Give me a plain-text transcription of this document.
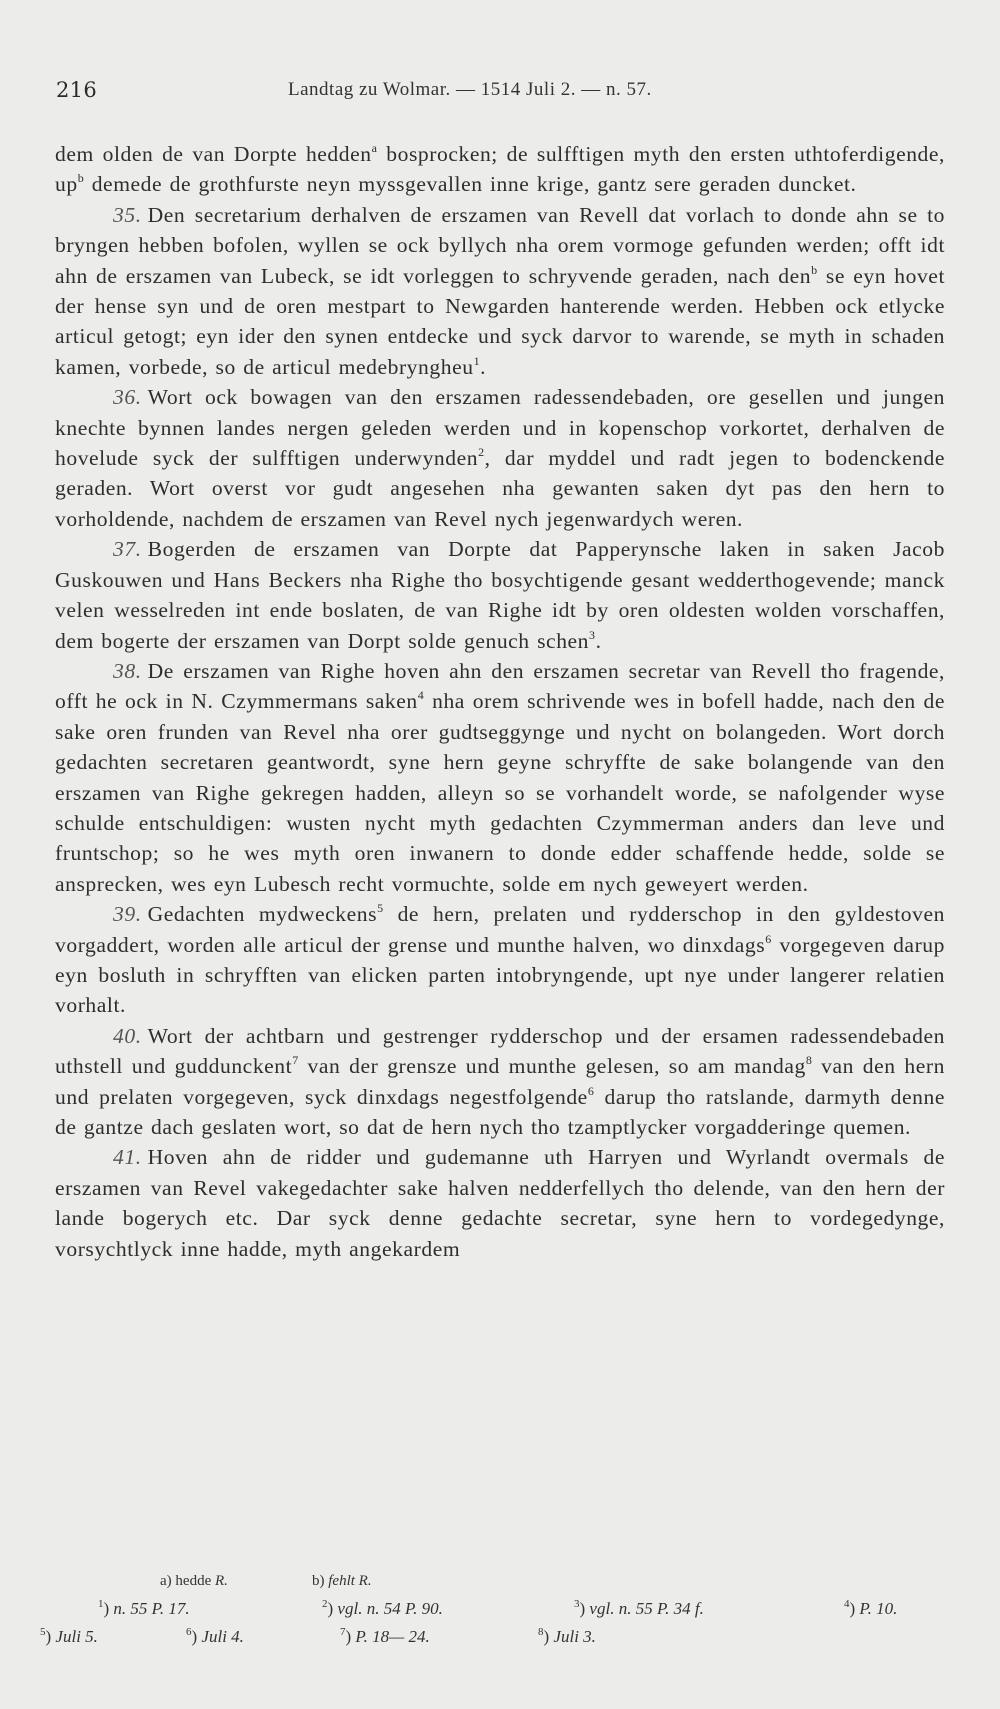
216	Landtag zu Wolmar. — 1514 Juli 2. — n. 57.

dem olden de van Dorpte hedden$^a$ bosprocken; de sulfftigen myth den ersten uthtoferdigende, $up^b$ demede de grothfurste neyn myssgevallen inne krige, gantz sere geraden duncket.

35. Den secretarium derhalven de erszamen van Revell dat vorlach to donde ahn se to bryngen hebben bofolen, wyllen se ock byllych nha orem vormoge gefunden werden; offt idt ahn de erszamen van Lubeck, se idt vorleggen to schryvende geraden, nach den$^b$ se eyn hovet der hense syn und de oren mestpart to Newgarden hanterende werden. Hebben ock etlycke articul getogt; eyn ider den synen entdecke und syck darvor to warende, se myth in schaden kamen, vorbede, so de articul medebryngheu$^1$.

36. Wort ock bowagen van den erszamen radessendebaden, ore gesellen und jungen knechte bynnen landes nergen geleden werden und in kopenschop vorkortet, derhalven de hovelude syck der sulfftigen underwynden$^2$, dar myddel und radt jegen to bodenckende geraden. Wort overst vor gudt angesehen nha gewanten saken dyt pas den hern to vorholdende, nachdem de erszamen van Revel nych jegenwardych weren.

37. Bogerden de erszamen van Dorpte dat Papperynsche laken in saken Jacob Guskouwen und Hans Beckers nha Righe tho bosychtigende gesant wedderthogevende; manck velen wesselreden int ende boslaten, de van Righe idt by oren oldesten wolden vorschaffen, dem bogerte der erszamen van Dorpt solde genuch schen$^3$.

38. De erszamen van Righe hoven ahn den erszamen secretar van Revell tho fragende, offt he ock in N. Czymmermans saken$^4$ nha orem schrivende wes in bofell hadde, nach den de sake oren frunden van Revel nha orer gudtseggynge und nycht on bolangeden. Wort dorch gedachten secretaren geantwordt, syne hern geyne schryffte de sake bolangende van den erszamen van Righe gekregen hadden, alleyn so se vorhandelt worde, se nafolgender wyse schulde entschuldigen: wusten nycht myth gedachten Czymmerman anders dan leve und fruntschop; so he wes myth oren inwanern to donde edder schaffende hedde, solde se ansprecken, wes eyn Lubesch recht vormuchte, solde em nych geweyert werden.

39. Gedachten mydweckens$^5$ de hern, prelaten und rydderschop in den gyldestoven vorgaddert, worden alle articul der grense und munthe halven, wo dinxdags$^6$ vorgegeven darup eyn bosluth in schryfften van elicken parten intobryngende, upt nye under langerer relatien vorhalt.

40. Wort der achtbarn und gestrenger rydderschop und der ersamen radessendebaden uthstell und guddunckent$^7$ van der grensze und munthe gelesen, so am mandag$^8$ van den hern und prelaten vorgegeven, syck dinxdags negestfolgende$^6$ darup tho ratslande, darmyth denne de gantze dach geslaten wort, so dat de hern nych tho tzamptlycker vorgadderinge quemen.

41. Hoven ahn de ridder und gudemanne uth Harryen und Wyrlandt overmals de erszamen van Revel vakegedachter sake halven nedderfellych tho delende, van den hern der lande bogerych etc. Dar syck denne gedachte secretar, syne hern to vordegedynge, vorsychtlyck inne hadde, myth angekardem

a) hedde R.	b) fehlt R.
$^1$) n. 55 P. 17.	$^2$) vgl. n. 54 P. 90.	$^3$) vgl. n. 55 P. 34 f.	$^4$) P. 10.
$^5$) Juli 5.	$^6$) Juli 4.	$^7$) P. 18— 24.	$^8$) Juli 3.
